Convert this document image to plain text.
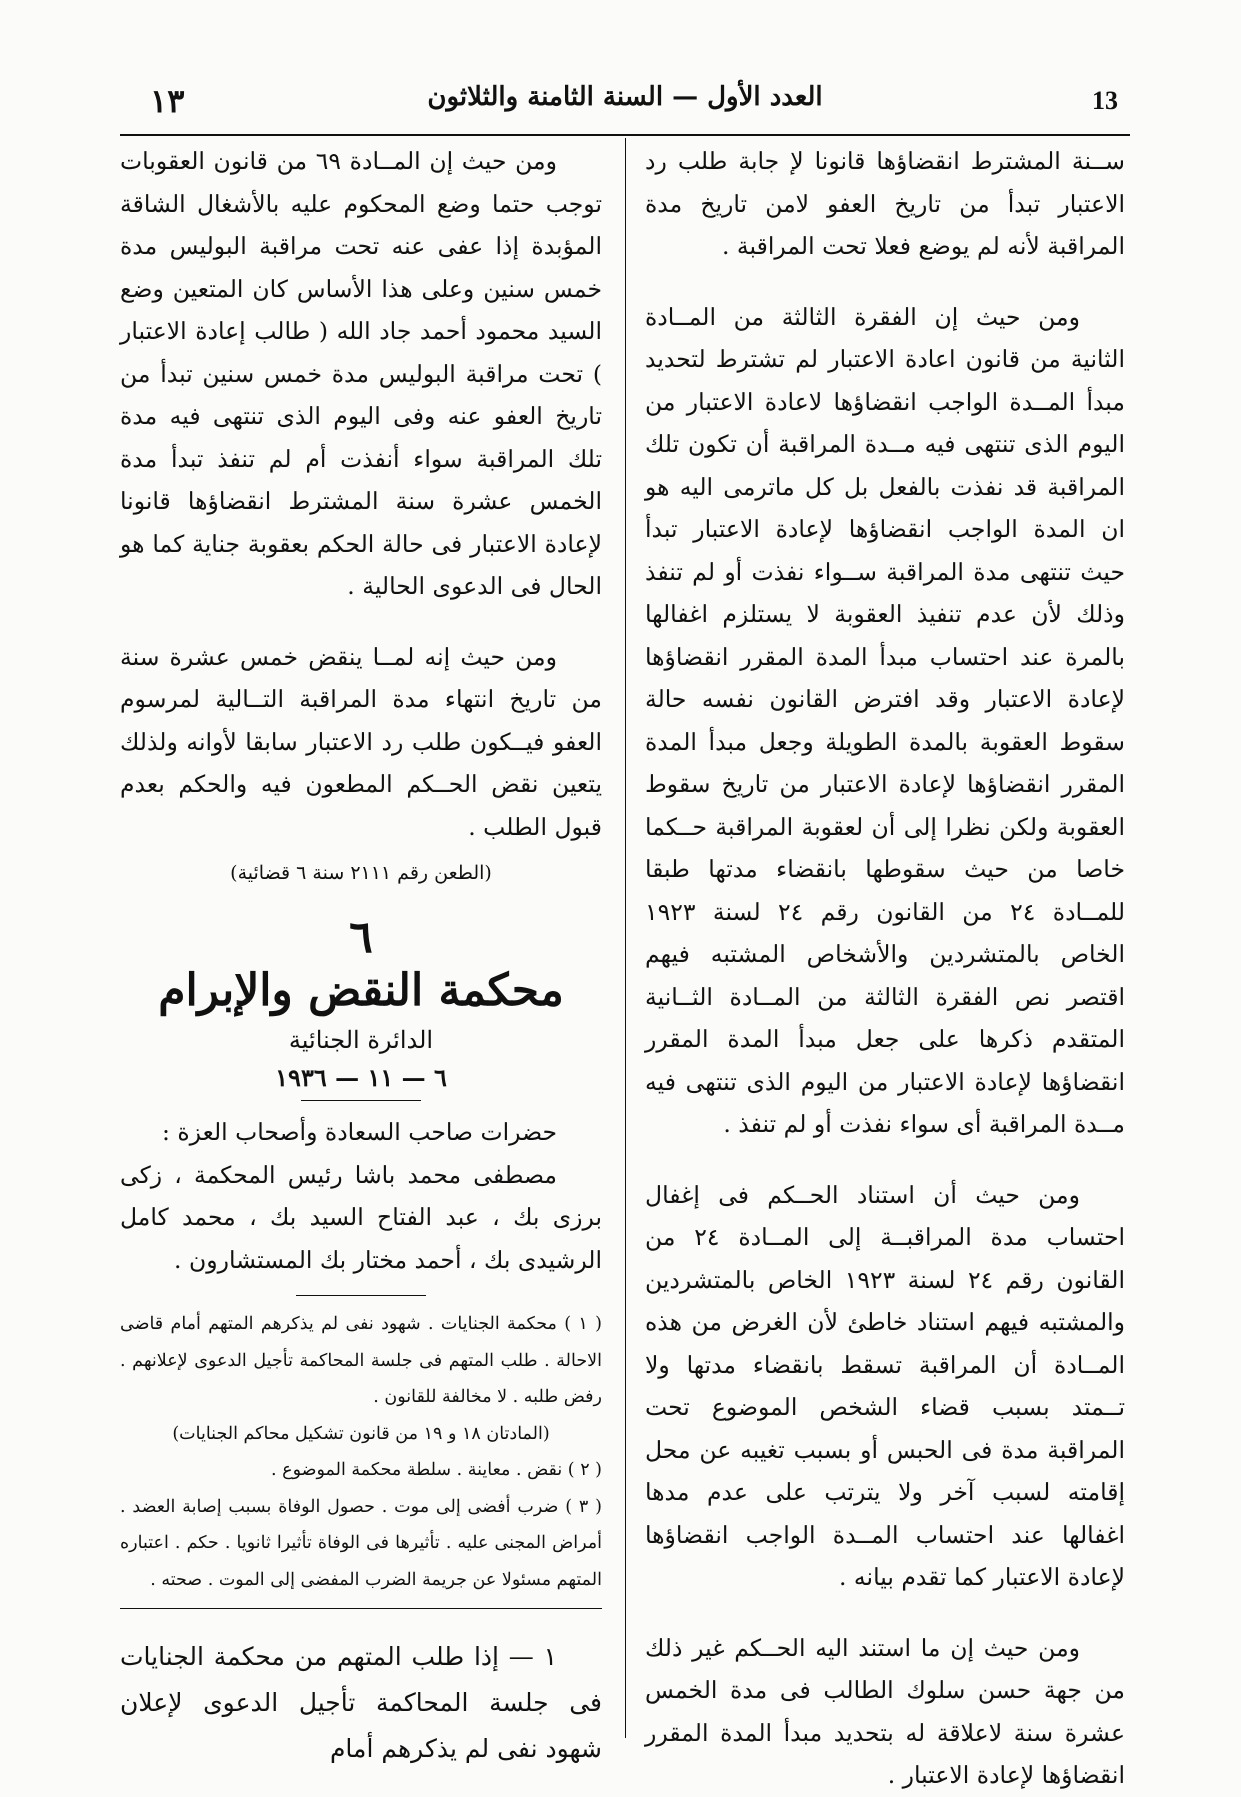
١٣	العدد الأول — السنة الثامنة والثلاثون	13

ســنة المشترط انقضاؤها قانونا لإ جابة طلب رد الاعتبار تبدأ من تاريخ العفو لامن تاريخ مدة المراقبة لأنه لم يوضع فعلا تحت المراقبة .

ومن حيث إن الفقرة الثالثة من المــادة الثانية من قانون اعادة الاعتبار لم تشترط لتحديد مبدأ المــدة الواجب انقضاؤها لاعادة الاعتبار من اليوم الذى تنتهى فيه مــدة المراقبة أن تكون تلك المراقبة قد نفذت بالفعل بل كل ماترمى اليه هو ان المدة الواجب انقضاؤها لإعادة الاعتبار تبدأ حيث تنتهى مدة المراقبة ســواء نفذت أو لم تنفذ وذلك لأن عدم تنفيذ العقوبة لا يستلزم اغفالها بالمرة عند احتساب مبدأ المدة المقرر انقضاؤها لإعادة الاعتبار وقد افترض القانون نفسه حالة سقوط العقوبة بالمدة الطويلة وجعل مبدأ المدة المقرر انقضاؤها لإعادة الاعتبار من تاريخ سقوط العقوبة ولكن نظرا إلى أن لعقوبة المراقبة حــكما خاصا من حيث سقوطها بانقضاء مدتها طبقا للمــادة ٢٤ من القانون رقم ٢٤ لسنة ١٩٢٣ الخاص بالمتشردين والأشخاص المشتبه فيهم اقتصر نص الفقرة الثالثة من المــادة الثــانية المتقدم ذكرها على جعل مبدأ المدة المقرر انقضاؤها لإعادة الاعتبار من اليوم الذى تنتهى فيه مــدة المراقبة أى سواء نفذت أو لم تنفذ .

ومن حيث أن استناد الحــكم فى إغفال احتساب مدة المراقبــة إلى المــادة ٢٤ من القانون رقم ٢٤ لسنة ١٩٢٣ الخاص بالمتشردين والمشتبه فيهم استناد خاطئ لأن الغرض من هذه المــادة أن المراقبة تسقط بانقضاء مدتها ولا تــمتد بسبب قضاء الشخص الموضوع تحت المراقبة مدة فى الحبس أو بسبب تغيبه عن محل إقامته لسبب آخر ولا يترتب على عدم مدها اغفالها عند احتساب المــدة الواجب انقضاؤها لإعادة الاعتبار كما تقدم بيانه .

ومن حيث إن ما استند اليه الحــكم غير ذلك من جهة حسن سلوك الطالب فى مدة الخمس عشرة سنة لاعلاقة له بتحديد مبدأ المدة المقرر انقضاؤها لإعادة الاعتبار .

ومن حيث إن المــادة ٦٩ من قانون العقوبات توجب حتما وضع المحكوم عليه بالأشغال الشاقة المؤبدة إذا عفى عنه تحت مراقبة البوليس مدة خمس سنين وعلى هذا الأساس كان المتعين وضع السيد محمود أحمد جاد الله ( طالب إعادة الاعتبار ) تحت مراقبة البوليس مدة خمس سنين تبدأ من تاريخ العفو عنه وفى اليوم الذى تنتهى فيه مدة تلك المراقبة سواء أنفذت أم لم تنفذ تبدأ مدة الخمس عشرة سنة المشترط انقضاؤها قانونا لإعادة الاعتبار فى حالة الحكم بعقوبة جناية كما هو الحال فى الدعوى الحالية .

ومن حيث إنه لمــا ينقض خمس عشرة سنة من تاريخ انتهاء مدة المراقبة التــالية لمرسوم العفو فيــكون طلب رد الاعتبار سابقا لأوانه ولذلك يتعين نقض الحــكم المطعون فيه والحكم بعدم قبول الطلب .

(الطعن رقم ٢١١١ سنة ٦ قضائية)
٦
محكمة النقض والإبرام
الدائرة الجنائية
٦ — ١١ — ١٩٣٦
حضرات صاحب السعادة وأصحاب العزة :

مصطفى محمد باشا رئيس المحكمة ، زكى برزى بك ، عبد الفتاح السيد بك ، محمد كامل الرشيدى بك ، أحمد مختار بك المستشارون .

( ١ ) محكمة الجنايات . شهود نفى لم يذكرهم المتهم أمام قاضى الاحالة . طلب المتهم فى جلسة المحاكمة تأجيل الدعوى لإعلانهم . رفض طلبه . لا مخالفة للقانون .

(المادتان ١٨ و ١٩ من قانون تشكيل محاكم الجنايات)

( ٢ ) نقض . معاينة . سلطة محكمة الموضوع .

( ٣ ) ضرب أفضى إلى موت . حصول الوفاة بسبب إصابة العضد . أمراض المجنى عليه . تأثيرها فى الوفاة تأثيرا ثانويا . حكم . اعتباره المتهم مسئولا عن جريمة الضرب المفضى إلى الموت . صحته .

١ — إذا طلب المتهم من محكمة الجنايات فى جلسة المحاكمة تأجيل الدعوى لإعلان شهود نفى لم يذكرهم أمام
